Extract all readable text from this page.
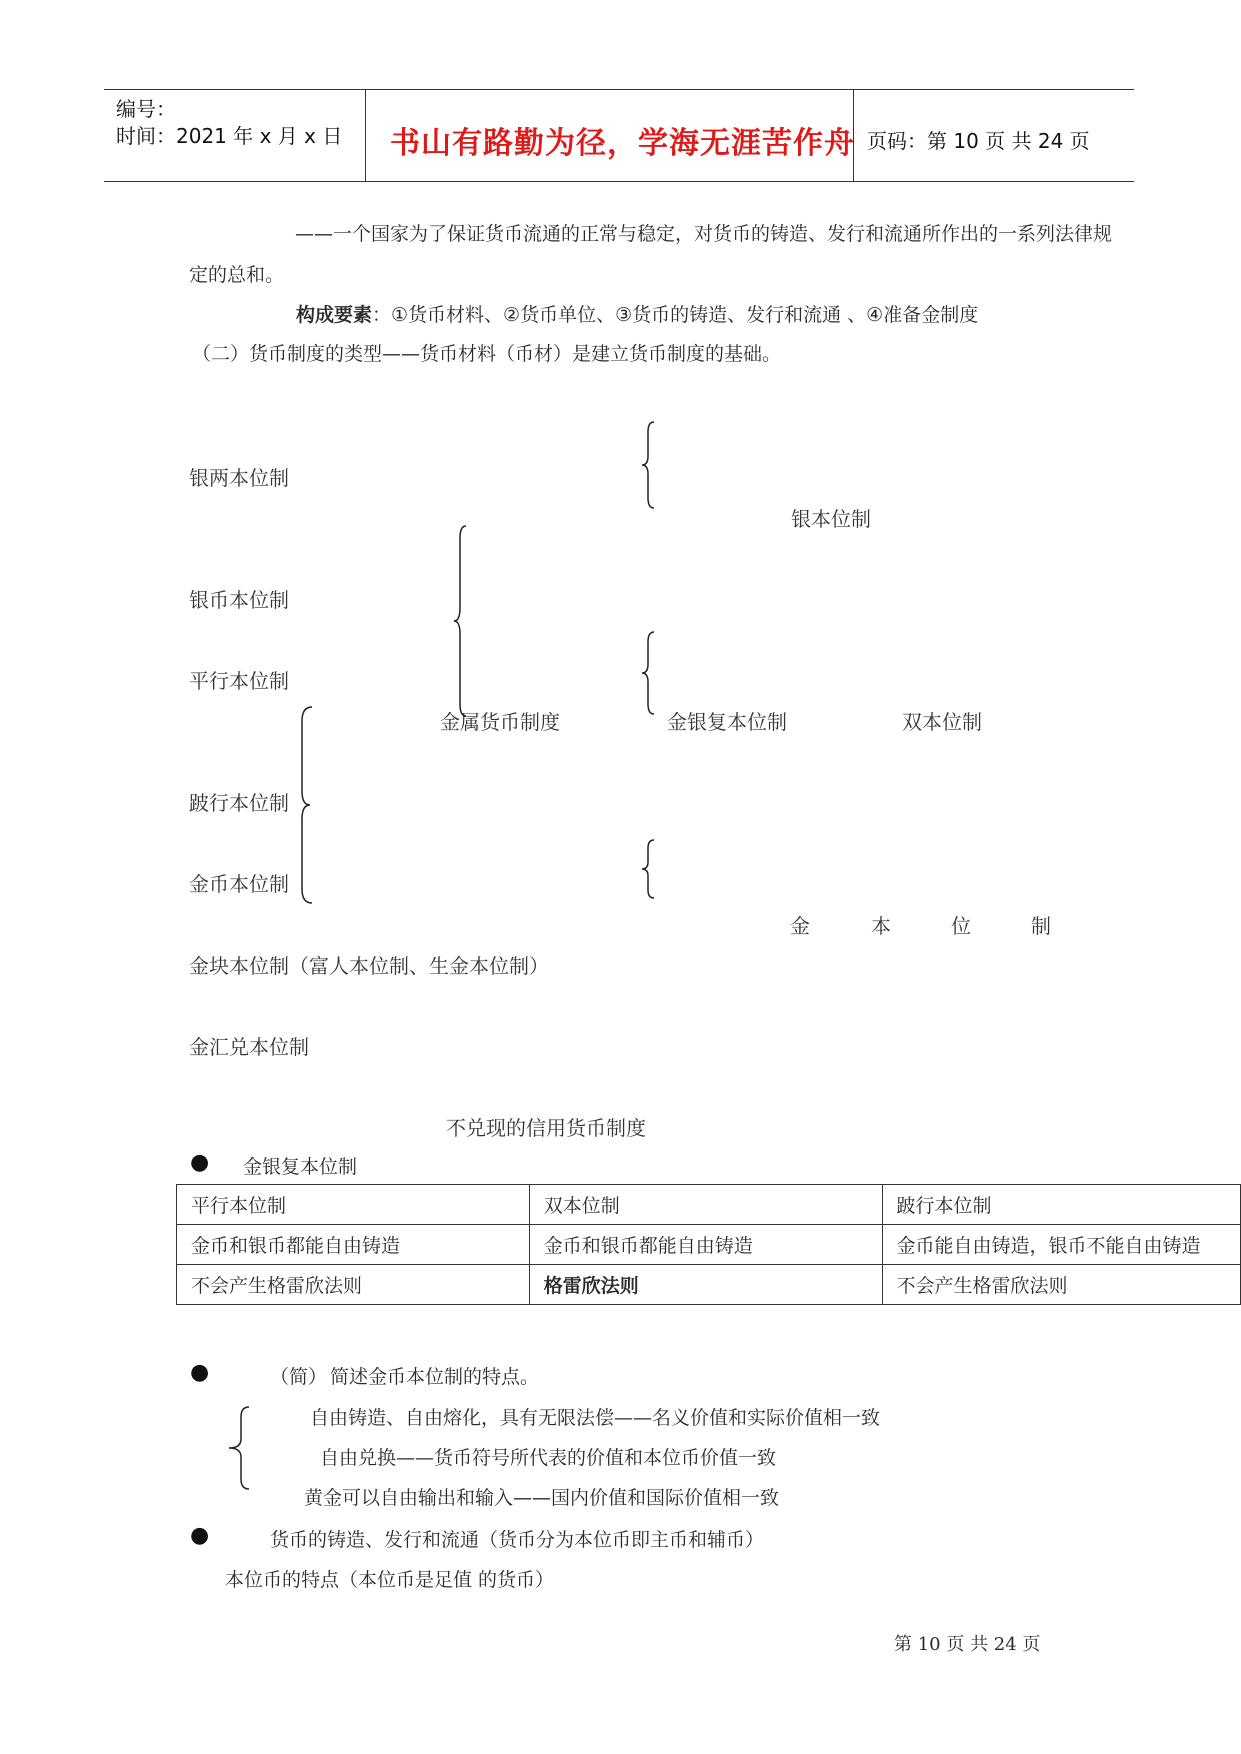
编号：
时间：2021 年 x 月 x 日 书山有路勤为径，学海无涯苦作舟 页码：第 10 页 共 24 页
——一个国家为了保证货币流通的正常与稳定，对货币的铸造、发行和流通所作出的一系列法律规
定的总和。
构成要素：①货币材料、②货币单位、③货币的铸造、发行和流通 、④准备金制度
（二）货币制度的类型——货币材料（币材）是建立货币制度的基础。
银两本位制
银本位制
银币本位制
平行本位制
金属货币制度	金银复本位制	双本位制
跛行本位制
金币本位制
金	本	位	制
金块本位制（富人本位制、生金本位制）
金汇兑本位制
不兑现的信用货币制度
● 金银复本位制
平行本位制	双本位制	跛行本位制
金币和银币都能自由铸造	金币和银币都能自由铸造	金币能自由铸造，银币不能自由铸造
不会产生格雷欣法则	格雷欣法则	不会产生格雷欣法则
●	（简） 简述金币本位制的特点。
自由铸造、自由熔化，具有无限法偿——名义价值和实际价值相一致
自由兑换——货币符号所代表的价值和本位币价值一致
黄金可以自由输出和输入——国内价值和国际价值相一致
●	货币的铸造、发行和流通（货币分为本位币即主币和辅币）
本位币的特点（本位币是足值 的货币）
第 10 页 共 24 页
